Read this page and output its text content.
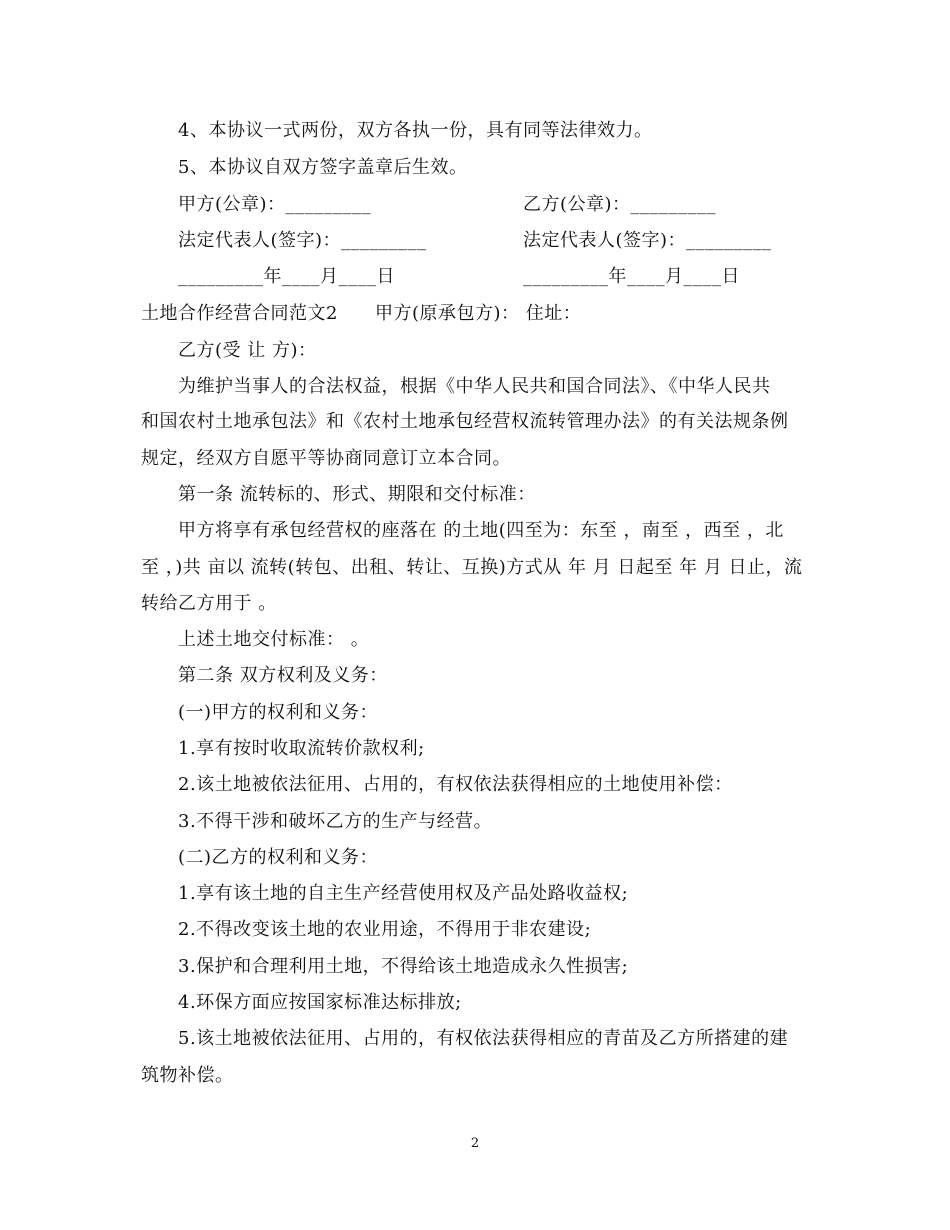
4、本协议一式两份，双方各执一份，具有同等法律效力。
5、本协议自双方签字盖章后生效。
甲方(公章)：_________	乙方(公章)：_________
法定代表人(签字)：_________	法定代表人(签字)：_________
_________年____月____日	_________年____月____日
土地合作经营合同范文2　　甲方(原承包方)： 住址：
乙方(受 让 方)：
为维护当事人的合法权益，根据《中华人民共和国合同法》、《中华人民共
和国农村土地承包法》和《农村土地承包经营权流转管理办法》的有关法规条例
规定，经双方自愿平等协商同意订立本合同。
第一条 流转标的、形式、期限和交付标准：
甲方将享有承包经营权的座落在 的土地(四至为：东至 ，南至 ，西至 ，北
至 ，)共 亩以 流转(转包、出租、转让、互换)方式从 年 月 日起至 年 月 日止，流
转给乙方用于 。
上述土地交付标准： 。
第二条 双方权利及义务：
(一)甲方的权利和义务：
1.享有按时收取流转价款权利;
2.该土地被依法征用、占用的，有权依法获得相应的土地使用补偿：
3.不得干涉和破坏乙方的生产与经营。
(二)乙方的权利和义务：
1.享有该土地的自主生产经营使用权及产品处路收益权;
2.不得改变该土地的农业用途，不得用于非农建设;
3.保护和合理利用土地，不得给该土地造成永久性损害;
4.环保方面应按国家标准达标排放;
5.该土地被依法征用、占用的，有权依法获得相应的青苗及乙方所搭建的建
筑物补偿。
2
